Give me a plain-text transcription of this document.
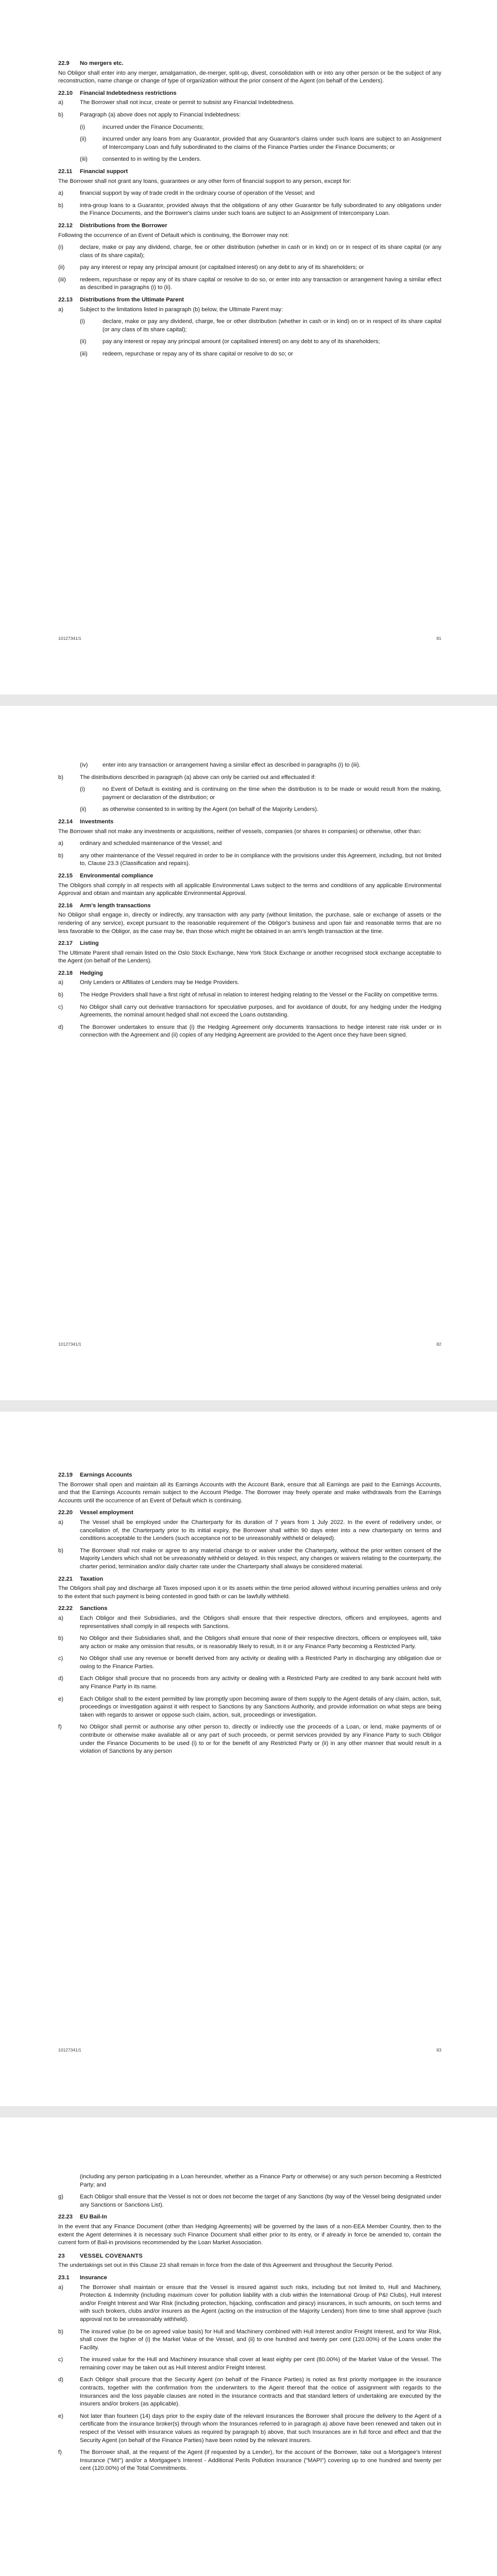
22.9	No mergers etc.

No Obligor shall enter into any merger, amalgamation, de-merger, split-up, divest, consolidation with or into any other person or be the subject of any reconstruction, name change or change of type of organization without the prior consent of the Agent (on behalf of the Lenders).

22.10	Financial Indebtedness restrictions
a)	The Borrower shall not incur, create or permit to subsist any Financial Indebtedness.
b)	Paragraph (a) above does not apply to Financial Indebtedness:
(i)	incurred under the Finance Documents;
(ii)	incurred under any loans from any Guarantor, provided that any Guarantor's claims under such loans are subject to an Assignment of Intercompany Loan and fully subordinated to the claims of the Finance Parties under the Finance Documents; or
(iii)	consented to in writing by the Lenders.
22.11	Financial support

The Borrower shall not grant any loans, guarantees or any other form of financial support to any person, except for:

a)	financial support by way of trade credit in the ordinary course of operation of the Vessel; and
b)	intra-group loans to a Guarantor, provided always that the obligations of any other Guarantor be fully subordinated to any obligations under the Finance Documents, and the Borrower's claims under such loans are subject to an Assignment of Intercompany Loan.
22.12	Distributions from the Borrower

Following the occurrence of an Event of Default which is continuing, the Borrower may not:

(i)	declare, make or pay any dividend, charge, fee or other distribution (whether in cash or in kind) on or in respect of its share capital (or any class of its share capital);
(ii)	pay any interest or repay any principal amount (or capitalised interest) on any debt to any of its shareholders; or
(iii)	redeem, repurchase or repay any of its share capital or resolve to do so, or enter into any transaction or arrangement having a similar effect as described in paragraphs (i) to (ii).
22.13	Distributions from the Ultimate Parent
a)	Subject to the limitations listed in paragraph (b) below, the Ultimate Parent may:
(i)	declare, make or pay any dividend, charge, fee or other distribution (whether in cash or in kind) on or in respect of its share capital (or any class of its share capital);
(ii)	pay any interest or repay any principal amount (or capitalised interest) on any debt to any of its shareholders;
(iii)	redeem, repurchase or repay any of its share capital or resolve to do so; or
10127341/1	81
(iv)	enter into any transaction or arrangement having a similar effect as described in paragraphs (i) to (iii).
b)	The distributions described in paragraph (a) above can only be carried out and effectuated if:
(i)	no Event of Default is existing and is continuing on the time when the distribution is to be made or would result from the making, payment or declaration of the distribution; or
(ii)	as otherwise consented to in writing by the Agent (on behalf of the Majority Lenders).
22.14	Investments

The Borrower shall not make any investments or acquisitions, neither of vessels, companies (or shares in companies) or otherwise, other than:

a)	ordinary and scheduled maintenance of the Vessel; and
b)	any other maintenance of the Vessel required in order to be in compliance with the provisions under this Agreement, including, but not limited to, Clause 23.3 (Classification and repairs).
22.15	Environmental compliance

The Obligors shall comply in all respects with all applicable Environmental Laws subject to the terms and conditions of any applicable Environmental Approval and obtain and maintain any applicable Environmental Approval.

22.16	Arm's length transactions

No Obligor shall engage in, directly or indirectly, any transaction with any party (without limitation, the purchase, sale or exchange of assets or the rendering of any service), except pursuant to the reasonable requirement of the Obligor's business and upon fair and reasonable terms that are no less favorable to the Obligor, as the case may be, than those which might be obtained in an arm's length transaction at the time.

22.17	Listing

The Ultimate Parent shall remain listed on the Oslo Stock Exchange, New York Stock Exchange or another recognised stock exchange acceptable to the Agent (on behalf of the Lenders).

22.18	Hedging
a)	Only Lenders or Affiliates of Lenders may be Hedge Providers.
b)	The Hedge Providers shall have a first right of refusal in relation to interest hedging relating to the Vessel or the Facility on competitive terms.
c)	No Obligor shall carry out derivative transactions for speculative purposes, and for avoidance of doubt, for any hedging under the Hedging Agreements, the nominal amount hedged shall not exceed the Loans outstanding.
d)	The Borrower undertakes to ensure that (i) the Hedging Agreement only documents transactions to hedge interest rate risk under or in connection with the Agreement and (ii) copies of any Hedging Agreement are provided to the Agent once they have been signed.
10127341/1	82
22.19	Earnings Accounts

The Borrower shall open and maintain all its Earnings Accounts with the Account Bank, ensure that all Earnings are paid to the Earnings Accounts, and that the Earnings Accounts remain subject to the Account Pledge. The Borrower may freely operate and make withdrawals from the Earnings Accounts until the occurrence of an Event of Default which is continuing.

22.20	Vessel employment
a)	The Vessel shall be employed under the Charterparty for its duration of 7 years from 1 July 2022. In the event of redelivery under, or cancellation of, the Charterparty prior to its initial expiry, the Borrower shall within 90 days enter into a new charterparty on terms and conditions acceptable to the Lenders (such acceptance not to be unreasonably withheld or delayed).
b)	The Borrower shall not make or agree to any material change to or waiver under the Charterparty, without the prior written consent of the Majority Lenders which shall not be unreasonably withheld or delayed. In this respect, any changes or waivers relating to the counterparty, the charter period, termination and/or daily charter rate under the Charterparty shall always be considered material.
22.21	Taxation

The Obligors shall pay and discharge all Taxes imposed upon it or its assets within the time period allowed without incurring penalties unless and only to the extent that such payment is being contested in good faith or can be lawfully withheld.

22.22	Sanctions
a)	Each Obligor and their Subsidiaries, and the Obligors shall ensure that their respective directors, officers and employees, agents and representatives shall comply in all respects with Sanctions.
b)	No Obligor and their Subsidiaries shall, and the Obligors shall ensure that none of their respective directors, officers or employees will, take any action or make any omission that results, or is reasonably likely to result, in it or any Finance Party becoming a Restricted Party.
c)	No Obligor shall use any revenue or benefit derived from any activity or dealing with a Restricted Party in discharging any obligation due or owing to the Finance Parties.
d)	Each Obligor shall procure that no proceeds from any activity or dealing with a Restricted Party are credited to any bank account held with any Finance Party in its name.
e)	Each Obligor shall to the extent permitted by law promptly upon becoming aware of them supply to the Agent details of any claim, action, suit, proceedings or investigation against it with respect to Sanctions by any Sanctions Authority, and provide information on what steps are being taken with regards to answer or oppose such claim, action, suit, proceedings or investigation.
f)	No Obligor shall permit or authorise any other person to, directly or indirectly use the proceeds of a Loan, or lend, make payments of or contribute or otherwise make available all or any part of such proceeds, or permit services provided by any Finance Party to such Obligor under the Finance Documents to be used (i) to or for the benefit of any Restricted Party or (ii) in any other manner that would result in a violation of Sanctions by any person
10127341/1	83

(including any person participating in a Loan hereunder, whether as a Finance Party or otherwise) or any such person becoming a Restricted Party; and

g)	Each Obligor shall ensure that the Vessel is not or does not become the target of any Sanctions (by way of the Vessel being designated under any Sanctions or Sanctions List).
22.23	EU Bail-In

In the event that any Finance Document (other than Hedging Agreements) will be governed by the laws of a non-EEA Member Country, then to the extent the Agent determines it is necessary such Finance Document shall either prior to its entry, or if already in force be amended to, contain the current form of Bail-in provisions recommended by the Loan Market Association.

23	VESSEL COVENANTS

The undertakings set out in this Clause 23 shall remain in force from the date of this Agreement and throughout the Security Period.

23.1	Insurance
a)	The Borrower shall maintain or ensure that the Vessel is insured against such risks, including but not limited to, Hull and Machinery, Protection & Indemnity (including maximum cover for pollution liability with a club within the International Group of P&I Clubs), Hull Interest and/or Freight Interest and War Risk (including protection, hijacking, confiscation and piracy) insurances, in such amounts, on such terms and with such brokers, clubs and/or insurers as the Agent (acting on the instruction of the Majority Lenders) from time to time shall approve (such approval not to be unreasonably withheld).
b)	The insured value (to be on agreed value basis) for Hull and Machinery combined with Hull Interest and/or Freight Interest, and for War Risk, shall cover the higher of (i) the Market Value of the Vessel, and (ii) to one hundred and twenty per cent (120.00%) of the Loans under the Facility.
c)	The insured value for the Hull and Machinery insurance shall cover at least eighty per cent (80.00%) of the Market Value of the Vessel. The remaining cover may be taken out as Hull Interest and/or Freight Interest.
d)	Each Obligor shall procure that the Security Agent (on behalf of the Finance Parties) is noted as first priority mortgagee in the insurance contracts, together with the confirmation from the underwriters to the Agent thereof that the notice of assignment with regards to the Insurances and the loss payable clauses are noted in the insurance contracts and that standard letters of undertaking are executed by the insurers and/or brokers (as applicable).
e)	Not later than fourteen (14) days prior to the expiry date of the relevant Insurances the Borrower shall procure the delivery to the Agent of a certificate from the insurance broker(s) through whom the Insurances referred to in paragraph a) above have been renewed and taken out in respect of the Vessel with insurance values as required by paragraph b) above, that such Insurances are in full force and effect and that the Security Agent (on behalf of the Finance Parties) have been noted by the relevant insurers.
f)	The Borrower shall, at the request of the Agent (if requested by a Lender), for the account of the Borrower, take out a Mortgagee's Interest Insurance ("MII") and/or a Mortgagee's Interest - Additional Perils Pollution Insurance ("MAPI") covering up to one hundred and twenty per cent (120.00%) of the Total Commitments.
